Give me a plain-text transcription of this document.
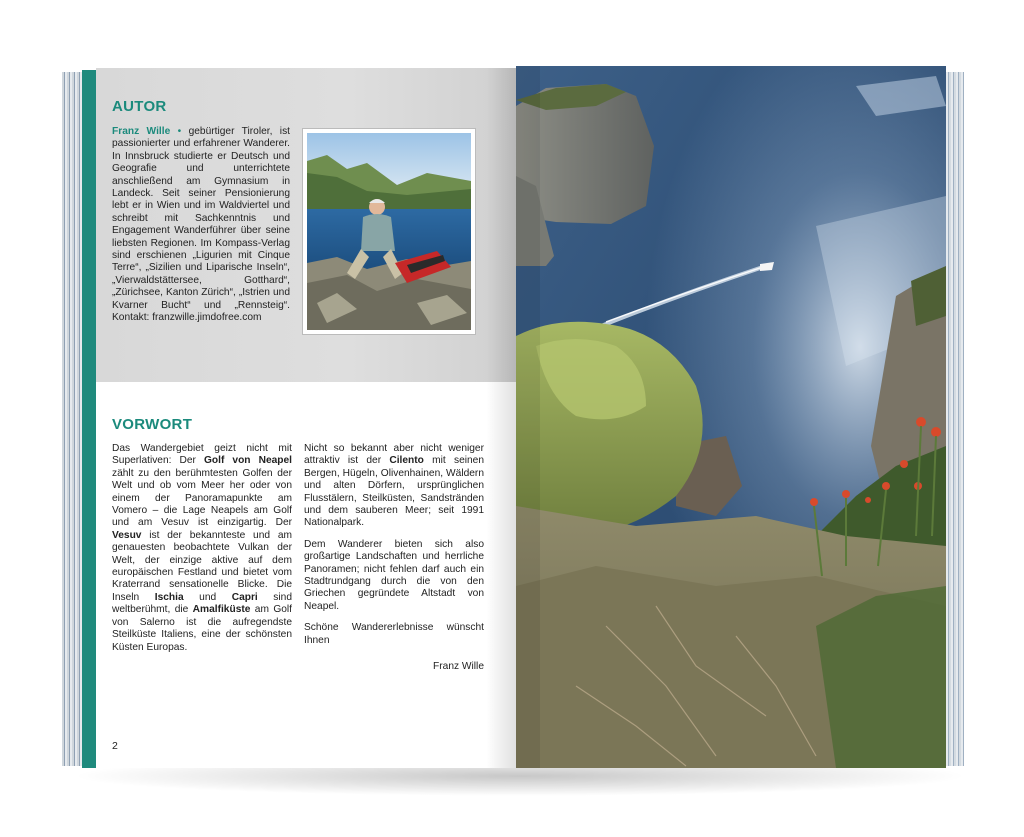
AUTOR
Franz Wille • gebürtiger Tiroler, ist passionierter und erfahrener Wanderer. In Innsbruck studierte er Deutsch und Geografie und unterrichtete anschließend am Gymnasium in Landeck. Seit seiner Pensionierung lebt er in Wien und im Waldviertel und schreibt mit Sachkenntnis und Engagement Wanderführer über seine liebsten Regionen. Im Kompass-Verlag sind erschienen „Ligurien mit Cinque Terre“, „Sizilien und Liparische Inseln“, „Vierwaldstättersee, Gotthard“, „Zürichsee, Kanton Zürich“, „Istrien und Kvarner Bucht“ und „Rennsteig“. Kontakt: franzwille.jimdofree.com
VORWORT

Das Wandergebiet geizt nicht mit Superlativen: Der Golf von Neapel zählt zu den berühmtesten Golfen der Welt und ob vom Meer her oder von einem der Panoramapunkte am Vomero – die Lage Neapels am Golf und am Vesuv ist einzigartig. Der Vesuv ist der bekannteste und am genauesten beobachtete Vulkan der Welt, der einzige aktive auf dem europäischen Festland und bietet vom Kraterrand sensationelle Blicke. Die Inseln Ischia und Capri sind weltberühmt, die Amalfiküste am Golf von Salerno ist die aufregendste Steilküste Italiens, eine der schönsten Küsten Europas.

Nicht so bekannt aber nicht weniger attraktiv ist der Cilento mit seinen Bergen, Hügeln, Olivenhainen, Wäldern und alten Dörfern, ursprünglichen Flusstälern, Steilküsten, Sandstränden und dem sauberen Meer; seit 1991 Nationalpark.

Dem Wanderer bieten sich also großartige Landschaften und herrliche Panoramen; nicht fehlen darf auch ein Stadtrundgang durch die von den Griechen gegründete Altstadt von Neapel.

Schöne Wandererlebnisse wünscht Ihnen

Franz Wille
2
